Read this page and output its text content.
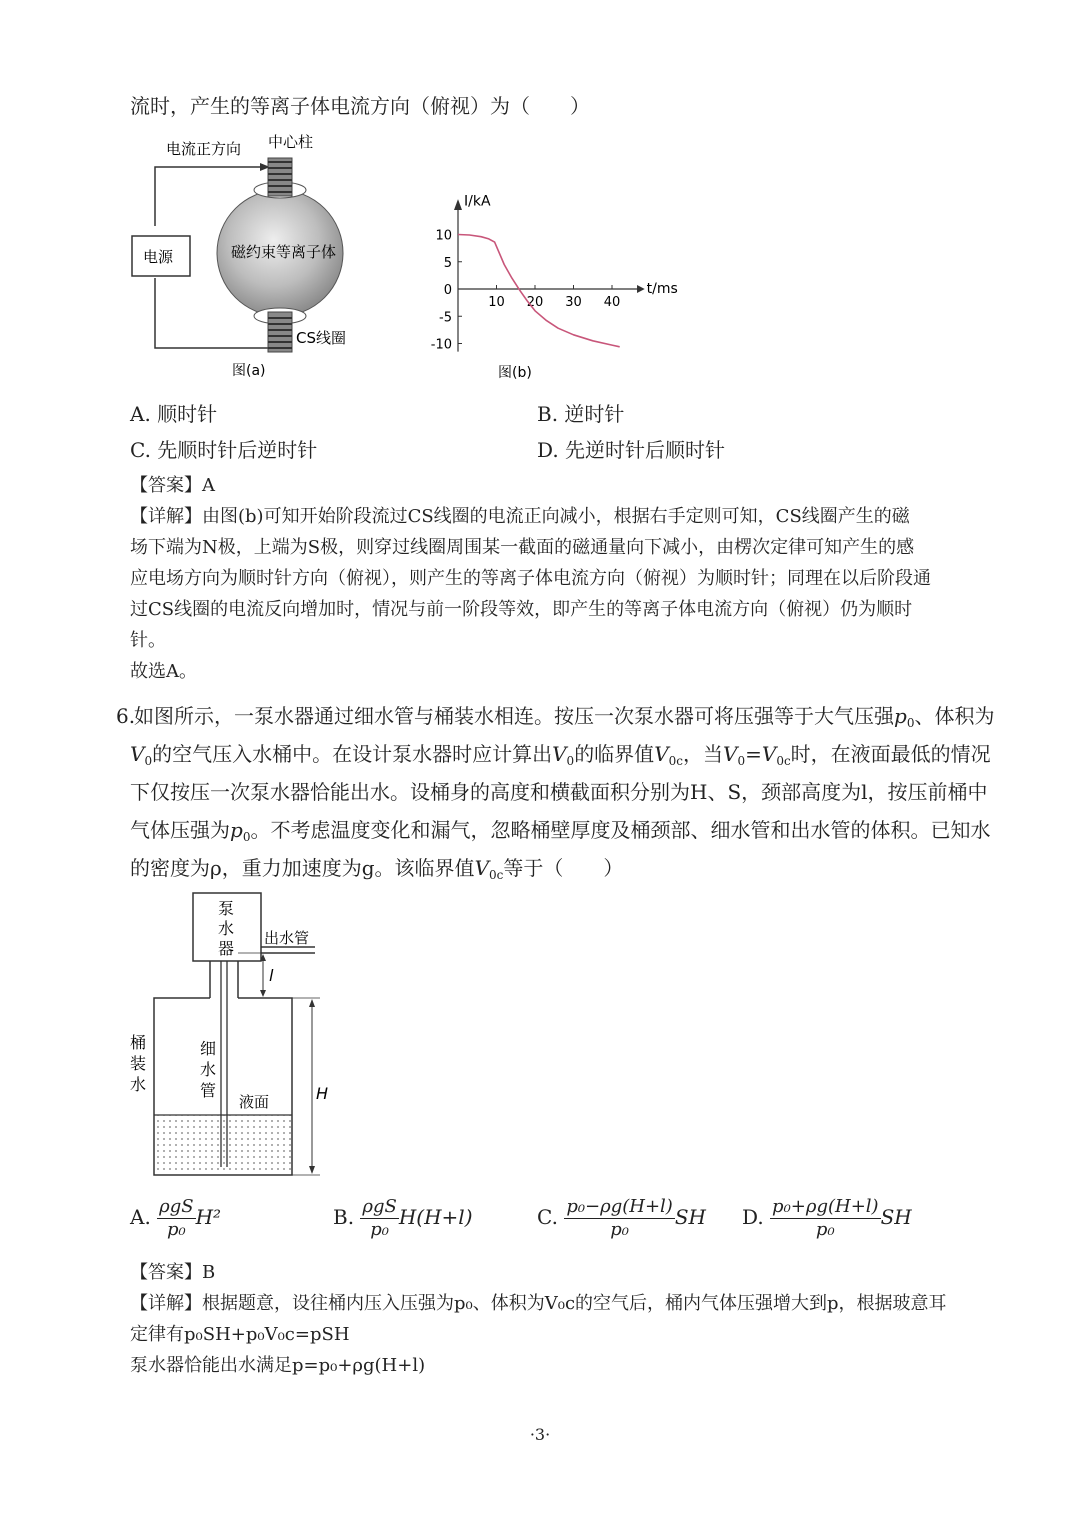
流时，产生的等离子体电流方向（俯视）为（　　）
电流正方向 中心柱
电源	磁约束等离子体
CS线圈
图(a)	图(b)
I/kA
t/ms
10
5
0
-5
-10
10 20 30 40
A. 顺时针	B. 逆时针
C. 先顺时针后逆时针	D. 先逆时针后顺时针
【答案】A
【详解】由图(b)可知开始阶段流过CS线圈的电流正向减小，根据右手定则可知，CS线圈产生的磁
场下端为N极，上端为S极，则穿过线圈周围某一截面的磁通量向下减小，由楞次定律可知产生的感
应电场方向为顺时针方向（俯视），则产生的等离子体电流方向（俯视）为顺时针；同理在以后阶段通
过CS线圈的电流反向增加时，情况与前一阶段等效，即产生的等离子体电流方向（俯视）仍为顺时
针。
故选A。
6.
如图所示，一泵水器通过细水管与桶装水相连。按压一次泵水器可将压强等于大气压强$p_0$、体积为
$V_0$的空气压入水桶中。在设计泵水器时应计算出$V_0$的临界值$V_{0c}$，当$V_0=V_{0c}$时，在液面最低的情况
下仅按压一次泵水器恰能出水。设桶身的高度和横截面积分别为H、S，颈部高度为l，按压前桶中
气体压强为$p_0$。不考虑温度变化和漏气，忽略桶壁厚度及桶颈部、细水管和出水管的体积。已知水
的密度为ρ，重力加速度为g。该临界值$V_{0c}$等于（　　）
泵
水
器
出水管
l
桶
装
水
细
水
管
液面	H
A. $\frac{\text{ρgS}}{\text{p₀}} H^2$	B. $\frac{\text{ρgS}}{\text{p₀}} H(H+l)$	C. $\frac{\text{p₀−ρg(H+l)}}{\text{p₀}}$ SH D. $\frac{\text{p₀+ρg(H+l)}}{\text{p₀}}$ SH
【答案】B
【详解】根据题意，设往桶内压入压强为p₀、体积为V₀c的空气后，桶内气体压强增大到p，根据玻意耳
定律有p₀SH+p₀V₀c=pSH
泵水器恰能出水满足p=p₀+ρg(H+l)
·3·
